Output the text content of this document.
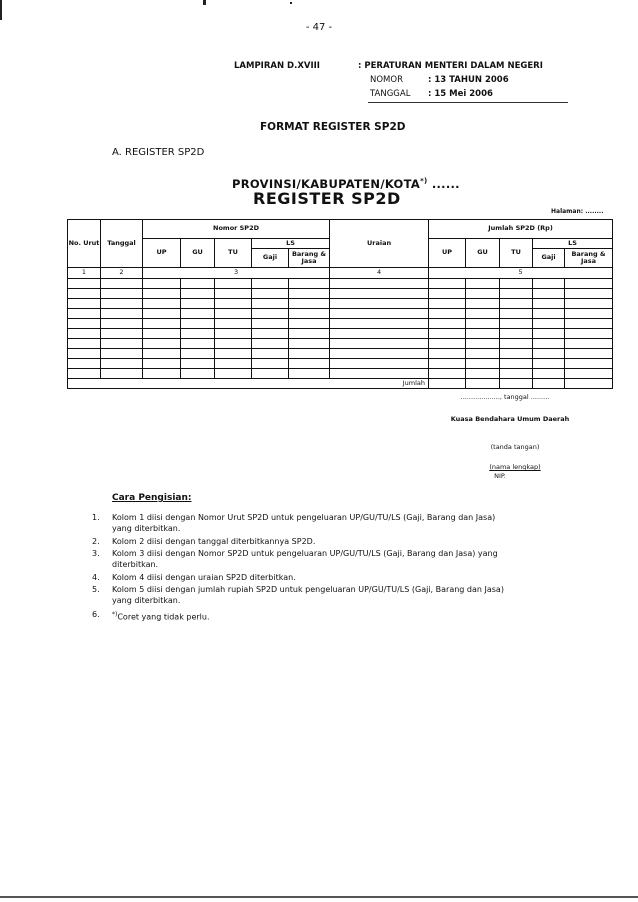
- 47 -
LAMPIRAN D.XVIII	: PERATURAN MENTERI DALAM NEGERI
NOMOR	: 13 TAHUN 2006
TANGGAL : 15 Mei 2006
FORMAT REGISTER SP2D
A. REGISTER SP2D
PROVINSI/KABUPATEN/KOTA*) ......
REGISTER SP2D
Halaman: ........
No. Urut	Tanggal	Nomor SP2D					Uraian	Jumlah SP2D (Rp)				
		UP	GU	TU	LS			UP	GU	TU	LS	
					Gaji	Barang & Jasa					Gaji	Barang & Jasa
1	2	3					4	5				

Jumlah												
..................., tanggal .........
Kuasa Bendahara Umum Daerah
(tanda tangan)
(nama lengkap)
NIP.
Cara Pengisian:
1. Kolom 1 diisi dengan Nomor Urut SP2D untuk pengeluaran UP/GU/TU/LS (Gaji, Barang dan Jasa)
yang diterbitkan.
2. Kolom 2 diisi dengan tanggal diterbitkannya SP2D.
3. Kolom 3 diisi dengan Nomor SP2D untuk pengeluaran UP/GU/TU/LS (Gaji, Barang dan Jasa) yang
diterbitkan.
4. Kolom 4 diisi dengan uraian SP2D diterbitkan.
5. Kolom 5 diisi dengan jumlah rupiah SP2D untuk pengeluaran UP/GU/TU/LS (Gaji, Barang dan Jasa)
yang diterbitkan.
6. *)Coret yang tidak perlu.
